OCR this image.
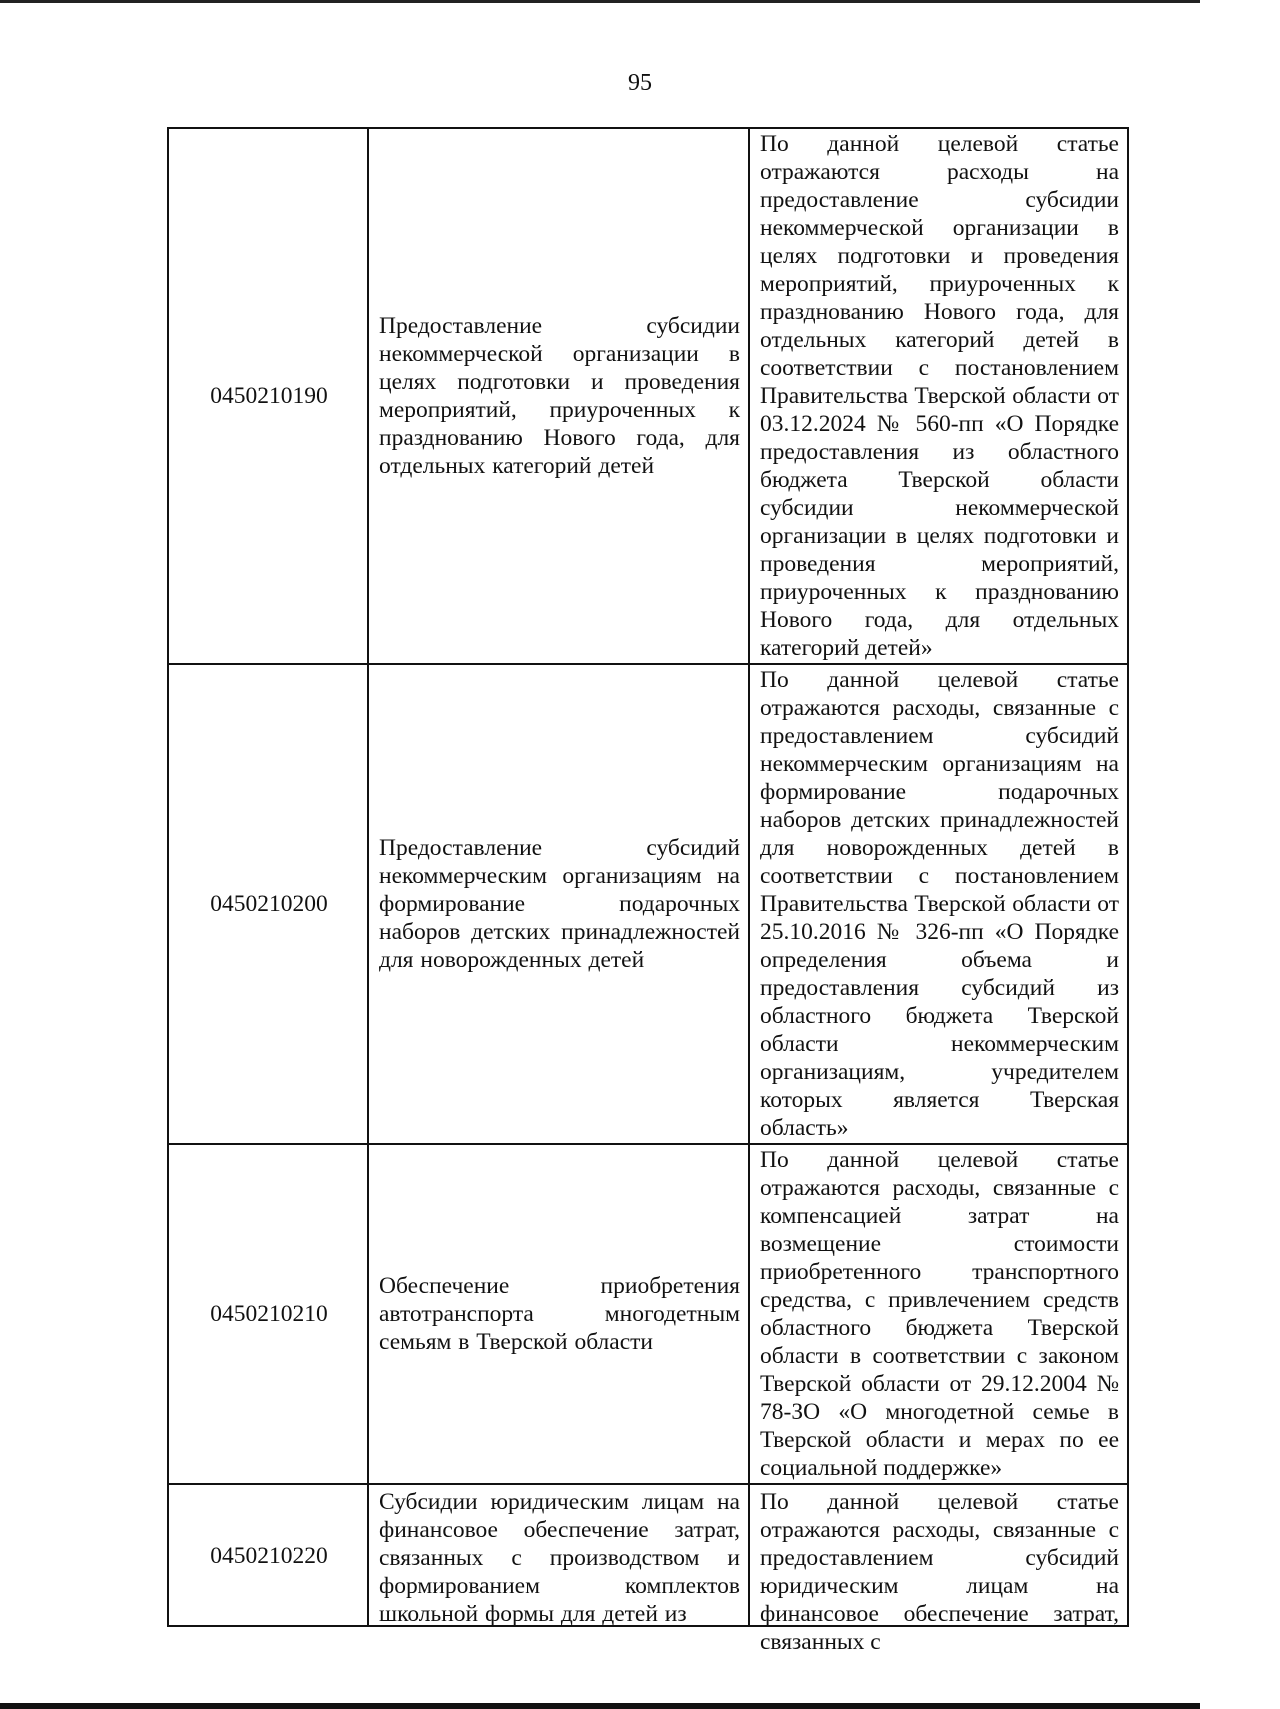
95
0450210190	Предоставление субсидии некоммерческой организации в целях подготовки и проведения мероприятий, приуроченных к празднованию Нового года, для отдельных категорий детей	По данной целевой статье отражаются расходы на предоставление субсидии некоммерческой организации в целях подготовки и проведения мероприятий, приуроченных к празднованию Нового года, для отдельных категорий детей в соответствии с постановлением Правительства Тверской области от 03.12.2024 № 560-пп «О Порядке предоставления из областного бюджета Тверской области субсидии некоммерческой организации в целях подготовки и проведения мероприятий, приуроченных к празднованию Нового года, для отдельных категорий детей»
0450210200	Предоставление субсидий некоммерческим организациям на формирование подарочных наборов детских принадлежностей для новорожденных детей	По данной целевой статье отражаются расходы, связанные с предоставлением субсидий некоммерческим организациям на формирование подарочных наборов детских принадлежностей для новорожденных детей в соответствии с постановлением Правительства Тверской области от 25.10.2016 № 326-пп «О Порядке определения объема и предоставления субсидий из областного бюджета Тверской области некоммерческим организациям, учредителем которых является Тверская область»
0450210210	Обеспечение приобретения автотранспорта многодетным семьям в Тверской области	По данной целевой статье отражаются расходы, связанные с компенсацией затрат на возмещение стоимости приобретенного транспортного средства, с привлечением средств областного бюджета Тверской области в соответствии с законом Тверской области от 29.12.2004 № 78-ЗО «О многодетной семье в Тверской области и мерах по ее социальной поддержке»
0450210220	Субсидии юридическим лицам на финансовое обеспечение затрат, связанных с производством и формированием комплектов школьной формы для детей из	По данной целевой статье отражаются расходы, связанные с предоставлением субсидий юридическим лицам на финансовое обеспечение затрат, связанных с
